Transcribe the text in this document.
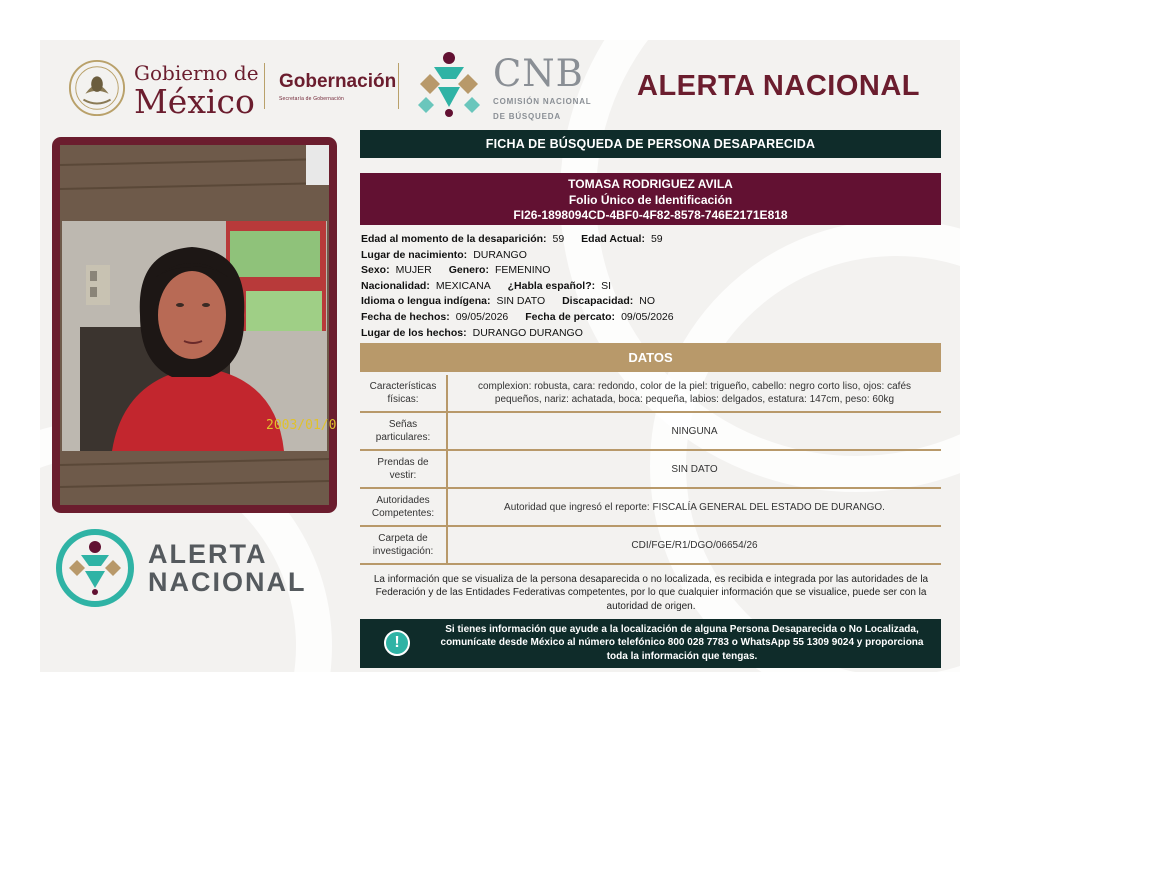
Gobierno de
México
Gobernación
Secretaría de Gobernación
CNB
COMISIÓN NACIONAL
DE BÚSQUEDA
ALERTA NACIONAL
2003/01/0
ALERTA
NACIONAL
FICHA DE BÚSQUEDA DE PERSONA DESAPARECIDA
TOMASA RODRIGUEZ AVILA
Folio Único de Identificación
FI26-1898094CD-4BF0-4F82-8578-746E2171E818
Edad al momento de la desaparición: 59 Edad Actual: 59
Lugar de nacimiento: DURANGO
Sexo: MUJER Genero: FEMENINO
Nacionalidad: MEXICANA ¿Habla español?: SI
Idioma o lengua indígena: SIN DATO Discapacidad: NO
Fecha de hechos: 09/05/2026 Fecha de percato: 09/05/2026
Lugar de los hechos: DURANGO DURANGO
DATOS
Características físicas:
complexion: robusta, cara: redondo, color de la piel: trigueño, cabello: negro corto liso, ojos: cafés pequeños, nariz: achatada, boca: pequeña, labios: delgados, estatura: 147cm, peso: 60kg
Señas particulares:
NINGUNA
Prendas de vestir:
SIN DATO
Autoridades Competentes:
Autoridad que ingresó el reporte: FISCALÍA GENERAL DEL ESTADO DE DURANGO.
Carpeta de investigación:
CDI/FGE/R1/DGO/06654/26
La información que se visualiza de la persona desaparecida o no localizada, es recibida e integrada por las autoridades de la Federación y de las Entidades Federativas competentes, por lo que cualquier información que se visualice, puede ser con la autoridad de origen.
!
Si tienes información que ayude a la localización de alguna Persona Desaparecida o No Localizada, comunícate desde México al número telefónico 800 028 7783 o WhatsApp 55 1309 9024 y proporciona toda la información que tengas.
